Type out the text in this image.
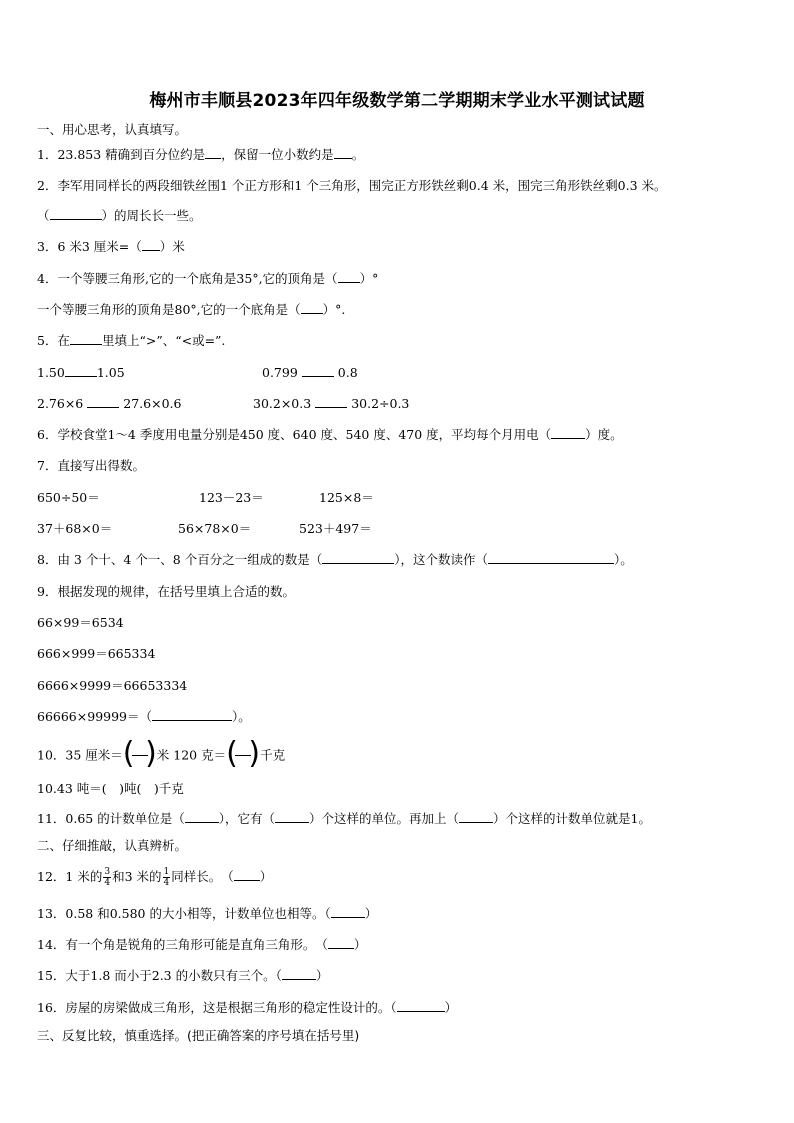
梅州市丰顺县2023年四年级数学第二学期期末学业水平测试试题
一、用心思考，认真填写。
1．23.853 精确到百分位约是 ，保留一位小数约是 。
2．李军用同样长的两段细铁丝围1 个正方形和1 个三角形，围完正方形铁丝剩0.4 米，围完三角形铁丝剩0.3 米。
（	）的周长长一些。
3．6 米3 厘米=（ ）米
4．一个等腰三角形,它的一个底角是35°,它的顶角是（ ）°
一个等腰三角形的顶角是80°,它的一个底角是（ ）°.
5．在	里填上“>”、“<或=”.
1.50	1.05	0.799	0.8
2.76×6	27.6×0.6	30.2×0.3	30.2÷0.3
6．学校食堂1～4 季度用电量分别是450 度、640 度、540 度、470 度，平均每个月用电（	）度。
7．直接写出得数。
650÷50＝	123－23＝	125×8＝
37＋68×0＝	56×78×0＝	523＋497＝
8．由 3 个十、4 个一、8 个百分之一组成的数是（	），这个数读作（	）。
9．根据发现的规律，在括号里填上合适的数。
66×99＝6534
666×999＝665334
6666×9999＝66653334
66666×99999＝（	）。
10．35 厘米＝ ( ) 米 120 克＝ ( ) 千克
10.43 吨＝(　)吨(　)千克
11．0.65 的计数单位是（	），它有（	）个这样的单位。再加上（	）个这样的计数单位就是1。
二、仔细推敲，认真辨析。
12．1 米的 $\frac{3}{4}$ 和3 米的 $\frac{1}{4}$ 同样长。　（ ）
13．0.58 和0.580 的大小相等，计数单位也相等。（	）
14．有一个角是锐角的三角形可能是直角三角形。　（ ）
15．大于1.8 而小于2.3 的小数只有三个。（	）
16．房屋的房梁做成三角形，这是根据三角形的稳定性设计的。（	）
三、反复比较，慎重选择。(把正确答案的序号填在括号里)
